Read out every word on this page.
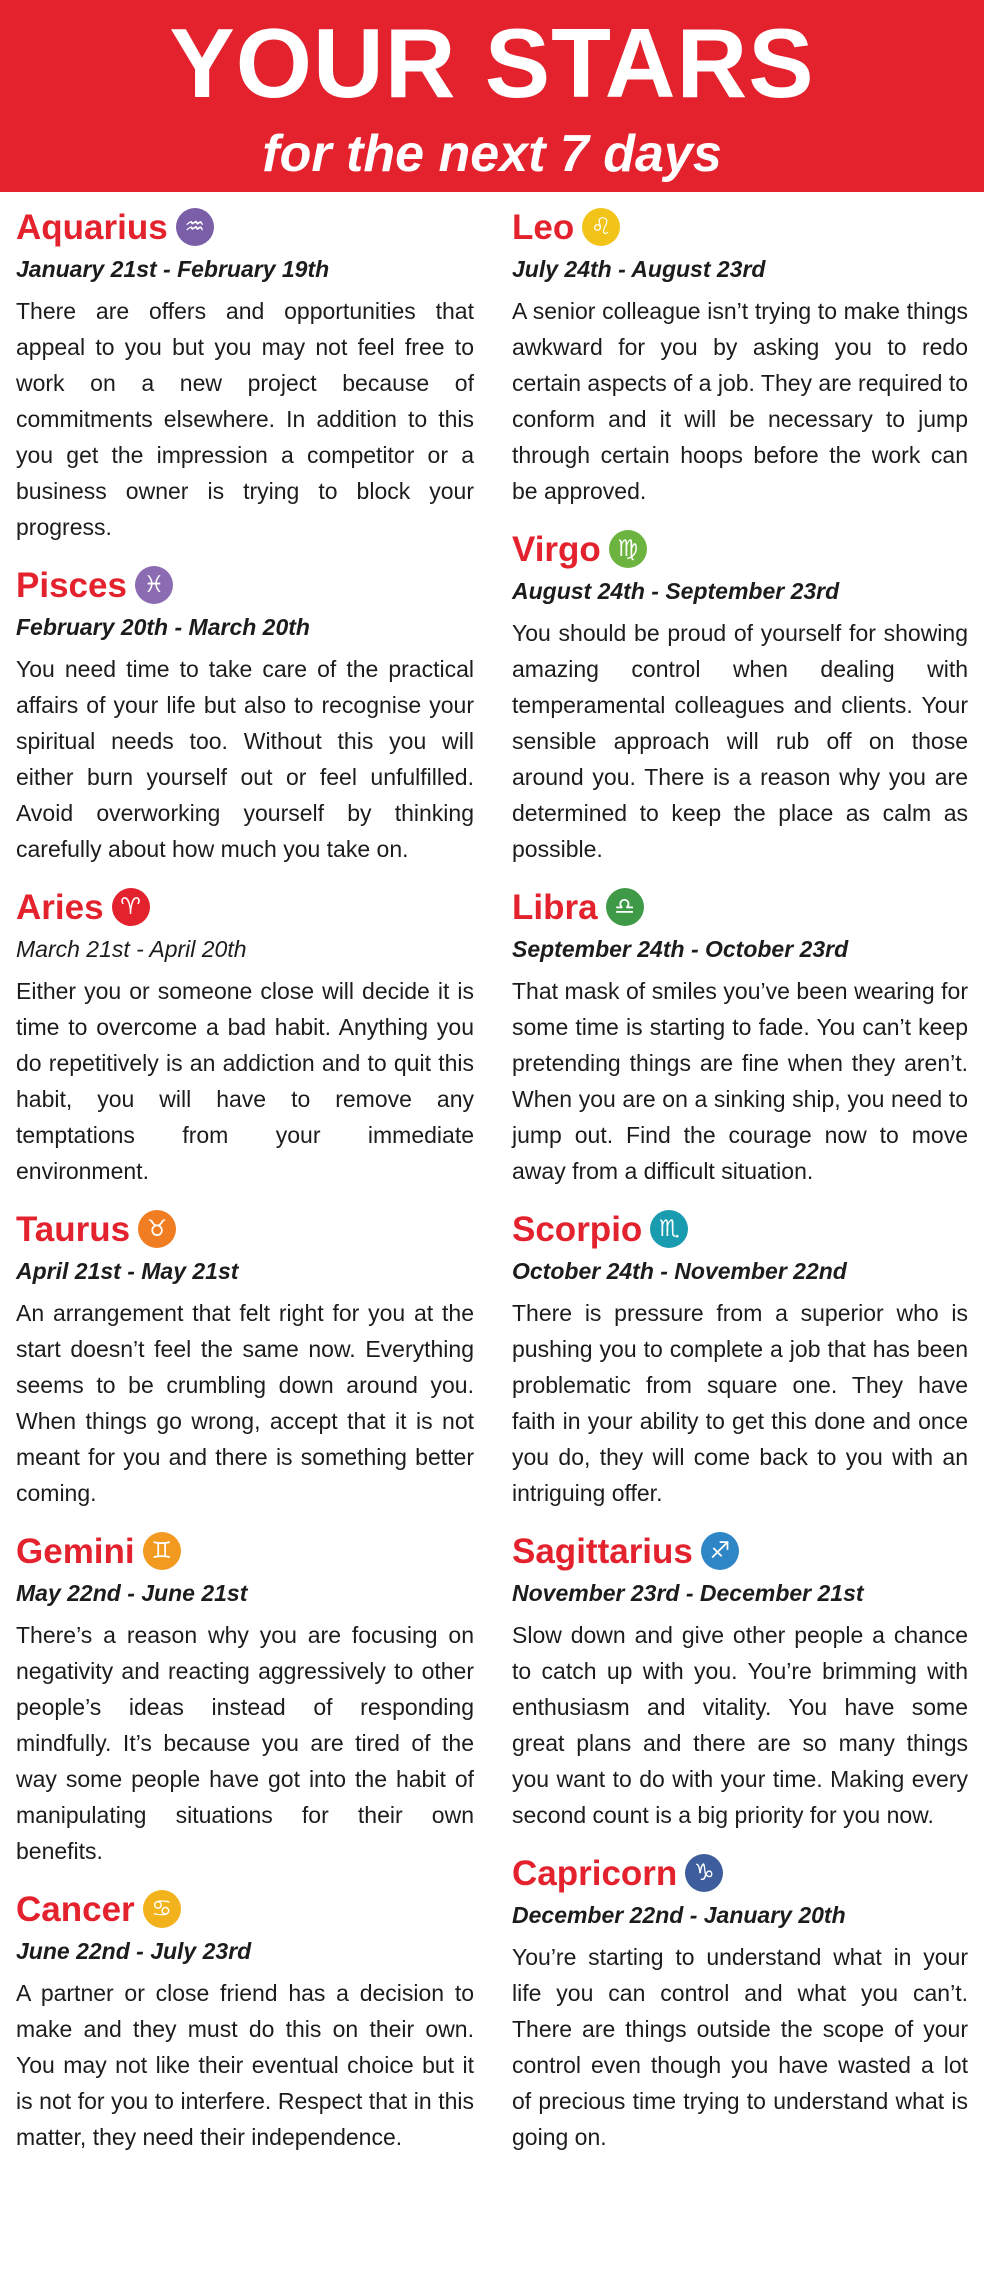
YOUR STARS
for the next 7 days
Aquarius ♒
January 21st - February 19th
There are offers and opportunities that appeal to you but you may not feel free to work on a new project because of commitments elsewhere. In addition to this you get the impression a competitor or a business owner is trying to block your progress.
Pisces ♓
February 20th - March 20th
You need time to take care of the practical affairs of your life but also to recognise your spiritual needs too. Without this you will either burn yourself out or feel unfulfilled. Avoid overworking yourself by thinking carefully about how much you take on.
Aries ♈
March 21st - April 20th
Either you or someone close will decide it is time to overcome a bad habit. Anything you do repetitively is an addiction and to quit this habit, you will have to remove any temptations from your immediate environment.
Taurus ♉
April 21st - May 21st
An arrangement that felt right for you at the start doesn’t feel the same now. Everything seems to be crumbling down around you. When things go wrong, accept that it is not meant for you and there is something better coming.
Gemini ♊
May 22nd - June 21st
There’s a reason why you are focusing on negativity and reacting aggressively to other people’s ideas instead of responding mindfully. It’s because you are tired of the way some people have got into the habit of manipulating situations for their own benefits.
Cancer ♋
June 22nd - July 23rd
A partner or close friend has a decision to make and they must do this on their own. You may not like their eventual choice but it is not for you to interfere. Respect that in this matter, they need their independence.
Leo ♌
July 24th - August 23rd
A senior colleague isn’t trying to make things awkward for you by asking you to redo certain aspects of a job. They are required to conform and it will be necessary to jump through certain hoops before the work can be approved.
Virgo ♍
August 24th - September 23rd
You should be proud of yourself for showing amazing control when dealing with temperamental colleagues and clients. Your sensible approach will rub off on those around you. There is a reason why you are determined to keep the place as calm as possible.
Libra ♎
September 24th - October 23rd
That mask of smiles you’ve been wearing for some time is starting to fade. You can’t keep pretending things are fine when they aren’t. When you are on a sinking ship, you need to jump out. Find the courage now to move away from a difficult situation.
Scorpio ♏
October 24th - November 22nd
There is pressure from a superior who is pushing you to complete a job that has been problematic from square one. They have faith in your ability to get this done and once you do, they will come back to you with an intriguing offer.
Sagittarius ♐
November 23rd - December 21st
Slow down and give other people a chance to catch up with you. You’re brimming with enthusiasm and vitality. You have some great plans and there are so many things you want to do with your time. Making every second count is a big priority for you now.
Capricorn ♑
December 22nd - January 20th
You’re starting to understand what in your life you can control and what you can’t. There are things outside the scope of your control even though you have wasted a lot of precious time trying to understand what is going on.
